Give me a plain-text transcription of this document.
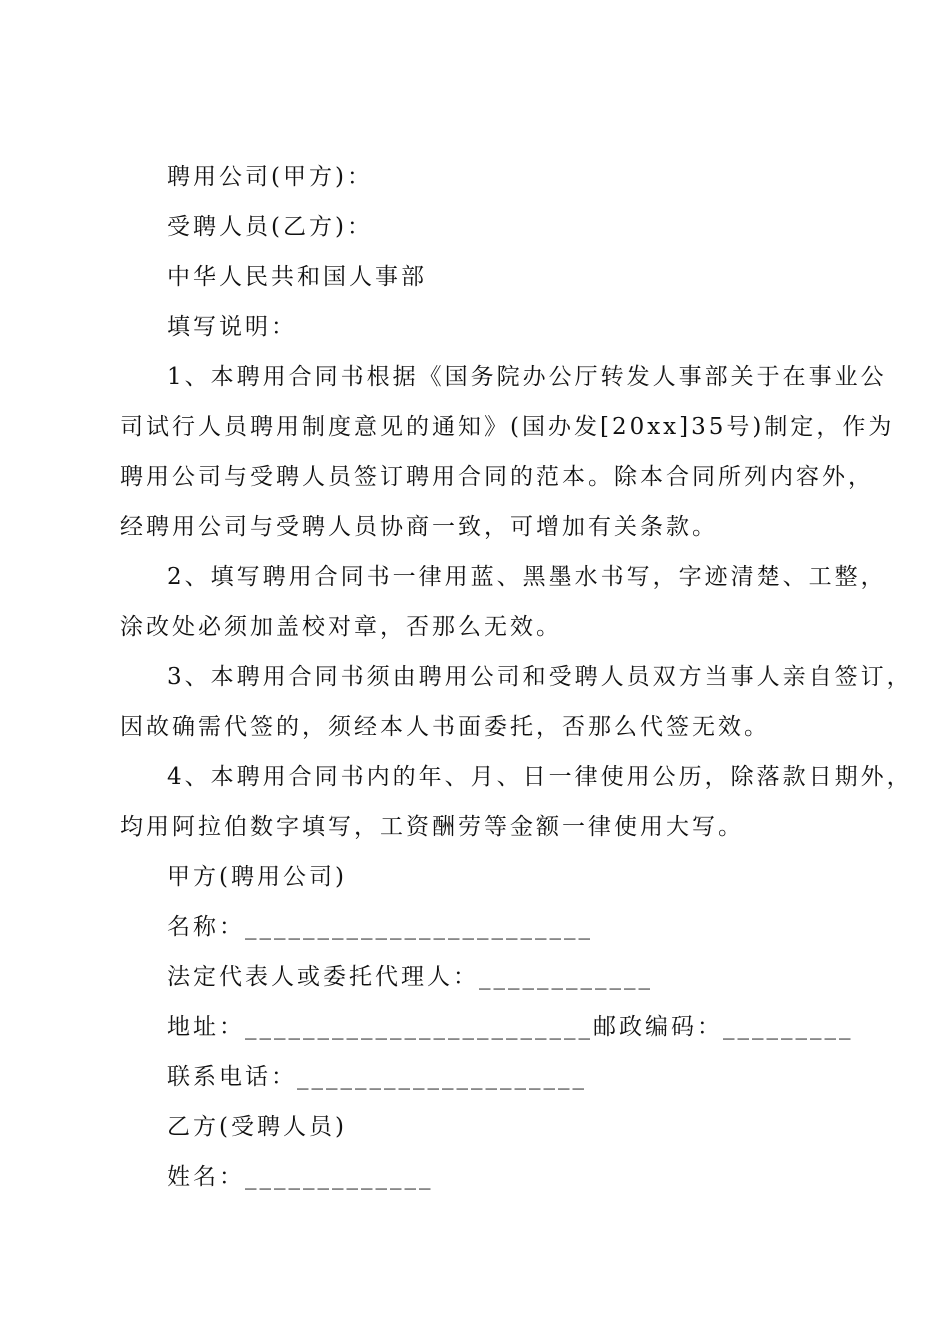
聘用公司(甲方)：
受聘人员(乙方)：
中华人民共和国人事部
填写说明：
1、本聘用合同书根据《国务院办公厅转发人事部关于在事业公
司试行人员聘用制度意见的通知》(国办发[20xx]35号)制定，作为
聘用公司与受聘人员签订聘用合同的范本。除本合同所列内容外，
经聘用公司与受聘人员协商一致，可增加有关条款。
2、填写聘用合同书一律用蓝、黑墨水书写，字迹清楚、工整，
涂改处必须加盖校对章，否那么无效。
3、本聘用合同书须由聘用公司和受聘人员双方当事人亲自签订，
因故确需代签的，须经本人书面委托，否那么代签无效。
4、本聘用合同书内的年、月、日一律使用公历，除落款日期外，
均用阿拉伯数字填写，工资酬劳等金额一律使用大写。
甲方(聘用公司)
名称：________________________
法定代表人或委托代理人：____________
地址：________________________邮政编码：_________
联系电话：____________________
乙方(受聘人员)
姓名：_____________
